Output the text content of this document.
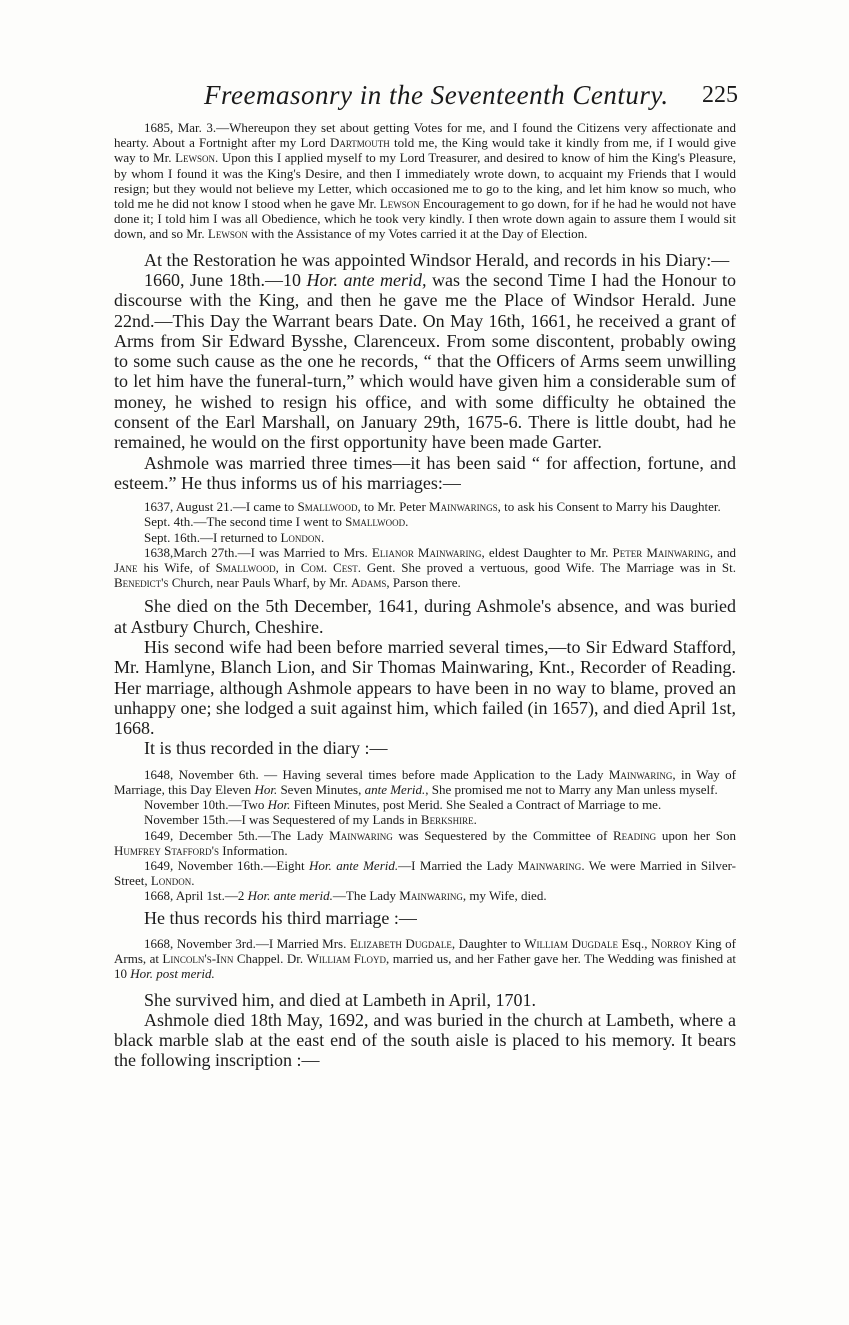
Freemasonry in the Seventeenth Century. 225

1685, Mar. 3.—Whereupon they set about getting Votes for me, and I found the Citizens very affectionate and hearty. About a Fortnight after my Lord Dartmouth told me, the King would take it kindly from me, if I would give way to Mr. Lewson. Upon this I applied myself to my Lord Treasurer, and desired to know of him the King's Pleasure, by whom I found it was the King's Desire, and then I immediately wrote down, to acquaint my Friends that I would resign; but they would not believe my Letter, which occasioned me to go to the king, and let him know so much, who told me he did not know I stood when he gave Mr. Lewson Encouragement to go down, for if he had he would not have done it; I told him I was all Obedience, which he took very kindly. I then wrote down again to assure them I would sit down, and so Mr. Lewson with the Assistance of my Votes carried it at the Day of Election.

At the Restoration he was appointed Windsor Herald, and records in his Diary:—

1660, June 18th.—10 Hor. ante merid, was the second Time I had the Honour to discourse with the King, and then he gave me the Place of Windsor Herald. June 22nd.—This Day the Warrant bears Date. On May 16th, 1661, he received a grant of Arms from Sir Edward Bysshe, Clarenceux. From some discontent, probably owing to some such cause as the one he records, “ that the Officers of Arms seem unwilling to let him have the funeral-turn,” which would have given him a considerable sum of money, he wished to resign his office, and with some difficulty he obtained the consent of the Earl Marshall, on January 29th, 1675-6. There is little doubt, had he remained, he would on the first opportunity have been made Garter.

Ashmole was married three times—it has been said “ for affection, fortune, and esteem.” He thus informs us of his marriages:—

1637, August 21.—I came to Smallwood, to Mr. Peter Mainwarings, to ask his Consent to Marry his Daughter.

Sept. 4th.—The second time I went to Smallwood.

Sept. 16th.—I returned to London.

1638,March 27th.—I was Married to Mrs. Elianor Mainwaring, eldest Daughter to Mr. Peter Mainwaring, and Jane his Wife, of Smallwood, in Com. Cest. Gent. She proved a vertuous, good Wife. The Marriage was in St. Benedict's Church, near Pauls Wharf, by Mr. Adams, Parson there.

She died on the 5th December, 1641, during Ashmole's absence, and was buried at Astbury Church, Cheshire.

His second wife had been before married several times,—to Sir Edward Stafford, Mr. Hamlyne, Blanch Lion, and Sir Thomas Mainwaring, Knt., Recorder of Reading. Her marriage, although Ashmole appears to have been in no way to blame, proved an unhappy one; she lodged a suit against him, which failed (in 1657), and died April 1st, 1668.

It is thus recorded in the diary :—

1648, November 6th. — Having several times before made Application to the Lady Mainwaring, in Way of Marriage, this Day Eleven Hor. Seven Minutes, ante Merid., She promised me not to Marry any Man unless myself.

November 10th.—Two Hor. Fifteen Minutes, post Merid. She Sealed a Contract of Marriage to me.

November 15th.—I was Sequestered of my Lands in Berkshire.

1649, December 5th.—The Lady Mainwaring was Sequestered by the Committee of Reading upon her Son Humfrey Stafford's Information.

1649, November 16th.—Eight Hor. ante Merid.—I Married the Lady Mainwaring. We were Married in Silver-Street, London.

1668, April 1st.—2 Hor. ante merid.—The Lady Mainwaring, my Wife, died.

He thus records his third marriage :—

1668, November 3rd.—I Married Mrs. Elizabeth Dugdale, Daughter to William Dugdale Esq., Norroy King of Arms, at Lincoln's-Inn Chappel. Dr. William Floyd, married us, and her Father gave her. The Wedding was finished at 10 Hor. post merid.

She survived him, and died at Lambeth in April, 1701.

Ashmole died 18th May, 1692, and was buried in the church at Lambeth, where a black marble slab at the east end of the south aisle is placed to his memory. It bears the following inscription :—
